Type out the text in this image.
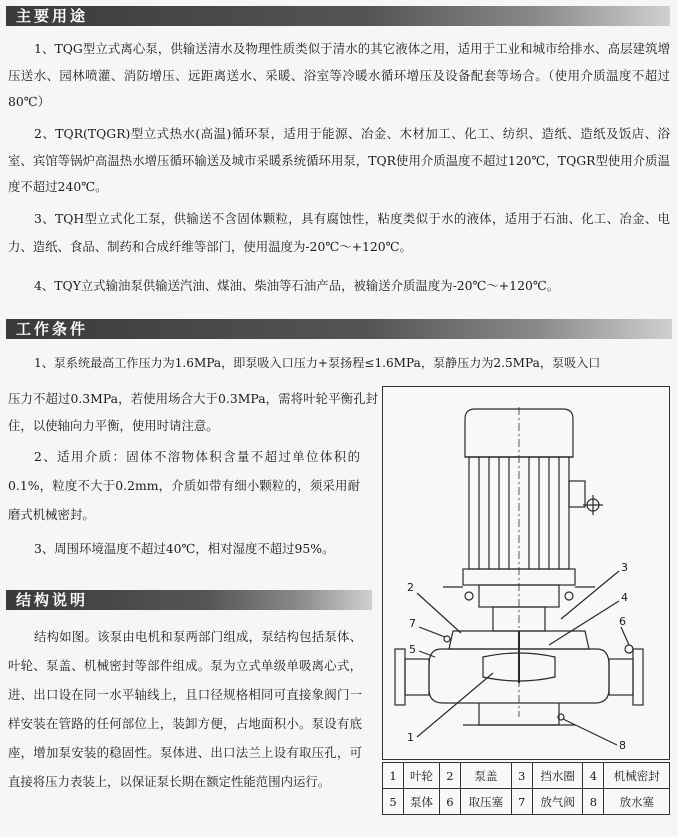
主要用途

1、TQG型立式离心泵，供输送清水及物理性质类似于清水的其它液体之用，适用于工业和城市给排水、高层建筑增压送水、园林喷灌、消防增压、远距离送水、采暖、浴室等冷暖水循环增压及设备配套等场合。（使用介质温度不超过80℃）

2、TQR(TQGR)型立式热水(高温)循环泵，适用于能源、冶金、木材加工、化工、纺织、造纸、造纸及饭店、浴室、宾馆等锅炉高温热水增压循环输送及城市采暖系统循环用泵，TQR使用介质温度不超过120℃，TQGR型使用介质温度不超过240℃。

3、TQH型立式化工泵，供输送不含固体颗粒，具有腐蚀性，粘度类似于水的液体，适用于石油、化工、冶金、电力、造纸、食品、制药和合成纤维等部门，使用温度为-20℃～+120℃。

4、TQY立式输油泵供输送汽油、煤油、柴油等石油产品，被输送介质温度为-20℃～+120℃。

工作条件

1、泵系统最高工作压力为1.6MPa，即泵吸入口压力+泵扬程≤1.6MPa，泵静压力为2.5MPa，泵吸入口

压力不超过0.3MPa，若使用场合大于0.3MPa，需将叶轮平衡孔封住，以使轴向力平衡，使用时请注意。

2、适用介质：固体不溶物体积含量不超过单位体积的0.1%，粒度不大于0.2mm，介质如带有细小颗粒的，须采用耐磨式机械密封。

3、周围环境温度不超过40℃，相对湿度不超过95%。

结构说明

结构如图。该泵由电机和泵两部门组成，泵结构包括泵体、叶轮、泵盖、机械密封等部件组成。泵为立式单级单吸离心式，进、出口设在同一水平轴线上，且口径规格相同可直接象阀门一样安装在管路的任何部位上，装卸方便，占地面积小。泵设有底座，增加泵安装的稳固性。泵体进、出口法兰上设有取压孔，可直接将压力表装上，以保证泵长期在额定性能范围内运行。

2
3
4
7
5
6
1
8
1	叶轮	2	泵盖	3	挡水圈	4	机械密封
5	泵体	6	取压塞	7	放气阀	8	放水塞
